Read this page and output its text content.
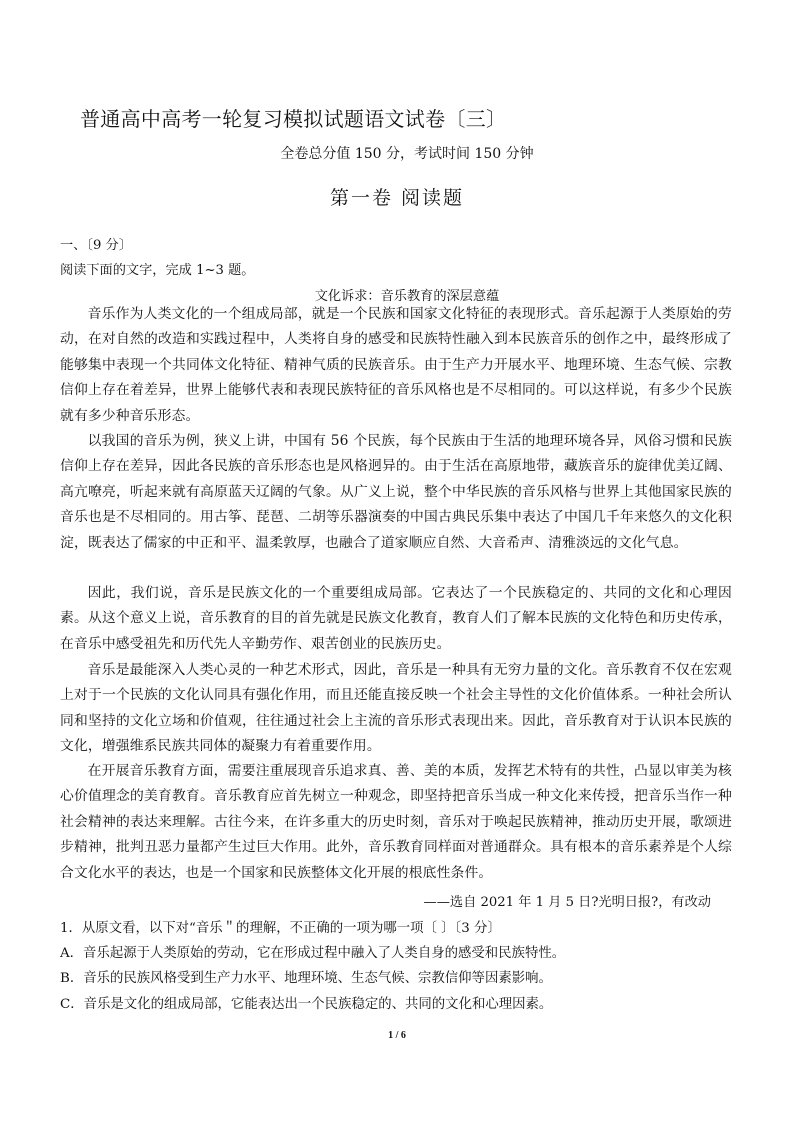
普通高中高考一轮复习模拟试题语文试卷〔三〕
全卷总分值 150 分，考试时间 150 分钟
第一卷 阅读题
一、〔9 分〕
阅读下面的文字，完成 1~3 题。
文化诉求：音乐教育的深层意蕴
音乐作为人类文化的一个组成局部，就是一个民族和国家文化特征的表现形式。音乐起源于人类原始的劳动，在对自然的改造和实践过程中，人类将自身的感受和民族特性融入到本民族音乐的创作之中，最终形成了能够集中表现一个共同体文化特征、精神气质的民族音乐。由于生产力开展水平、地理环境、生态气候、宗教信仰上存在着差异，世界上能够代表和表现民族特征的音乐风格也是不尽相同的。可以这样说，有多少个民族就有多少种音乐形态。
以我国的音乐为例，狭义上讲，中国有 56 个民族，每个民族由于生活的地理环境各异，风俗习惯和民族信仰上存在差异，因此各民族的音乐形态也是风格迥异的。由于生活在高原地带，藏族音乐的旋律优美辽阔、高亢嘹亮，听起来就有高原蓝天辽阔的气象。从广义上说，整个中华民族的音乐风格与世界上其他国家民族的音乐也是不尽相同的。用古筝、琵琶、二胡等乐器演奏的中国古典民乐集中表达了中国几千年来悠久的文化积淀，既表达了儒家的中正和平、温柔敦厚，也融合了道家顺应自然、大音希声、清雅淡远的文化气息。
因此，我们说，音乐是民族文化的一个重要组成局部。它表达了一个民族稳定的、共同的文化和心理因素。从这个意义上说，音乐教育的目的首先就是民族文化教育，教育人们了解本民族的文化特色和历史传承，在音乐中感受祖先和历代先人辛勤劳作、艰苦创业的民族历史。
音乐是最能深入人类心灵的一种艺术形式，因此，音乐是一种具有无穷力量的文化。音乐教育不仅在宏观上对于一个民族的文化认同具有强化作用，而且还能直接反映一个社会主导性的文化价值体系。一种社会所认同和坚持的文化立场和价值观，往往通过社会上主流的音乐形式表现出来。因此，音乐教育对于认识本民族的文化，增强维系民族共同体的凝聚力有着重要作用。
在开展音乐教育方面，需要注重展现音乐追求真、善、美的本质，发挥艺术特有的共性，凸显以审美为核心价值理念的美育教育。音乐教育应首先树立一种观念，即坚持把音乐当成一种文化来传授，把音乐当作一种社会精神的表达来理解。古往今来，在许多重大的历史时刻，音乐对于唤起民族精神，推动历史开展，歌颂进步精神，批判丑恶力量都产生过巨大作用。此外，音乐教育同样面对普通群众。具有根本的音乐素养是个人综合文化水平的表达，也是一个国家和民族整体文化开展的根底性条件。
——选自 2021 年 1 月 5 日?光明日报?，有改动
1．从原文看，以下对“音乐＂的理解，不正确的一项为哪一项〔 〕〔3 分〕
A．音乐起源于人类原始的劳动，它在形成过程中融入了人类自身的感受和民族特性。
B．音乐的民族风格受到生产力水平、地理环境、生态气候、宗教信仰等因素影响。
C．音乐是文化的组成局部，它能表达出一个民族稳定的、共同的文化和心理因素。
1 / 6
